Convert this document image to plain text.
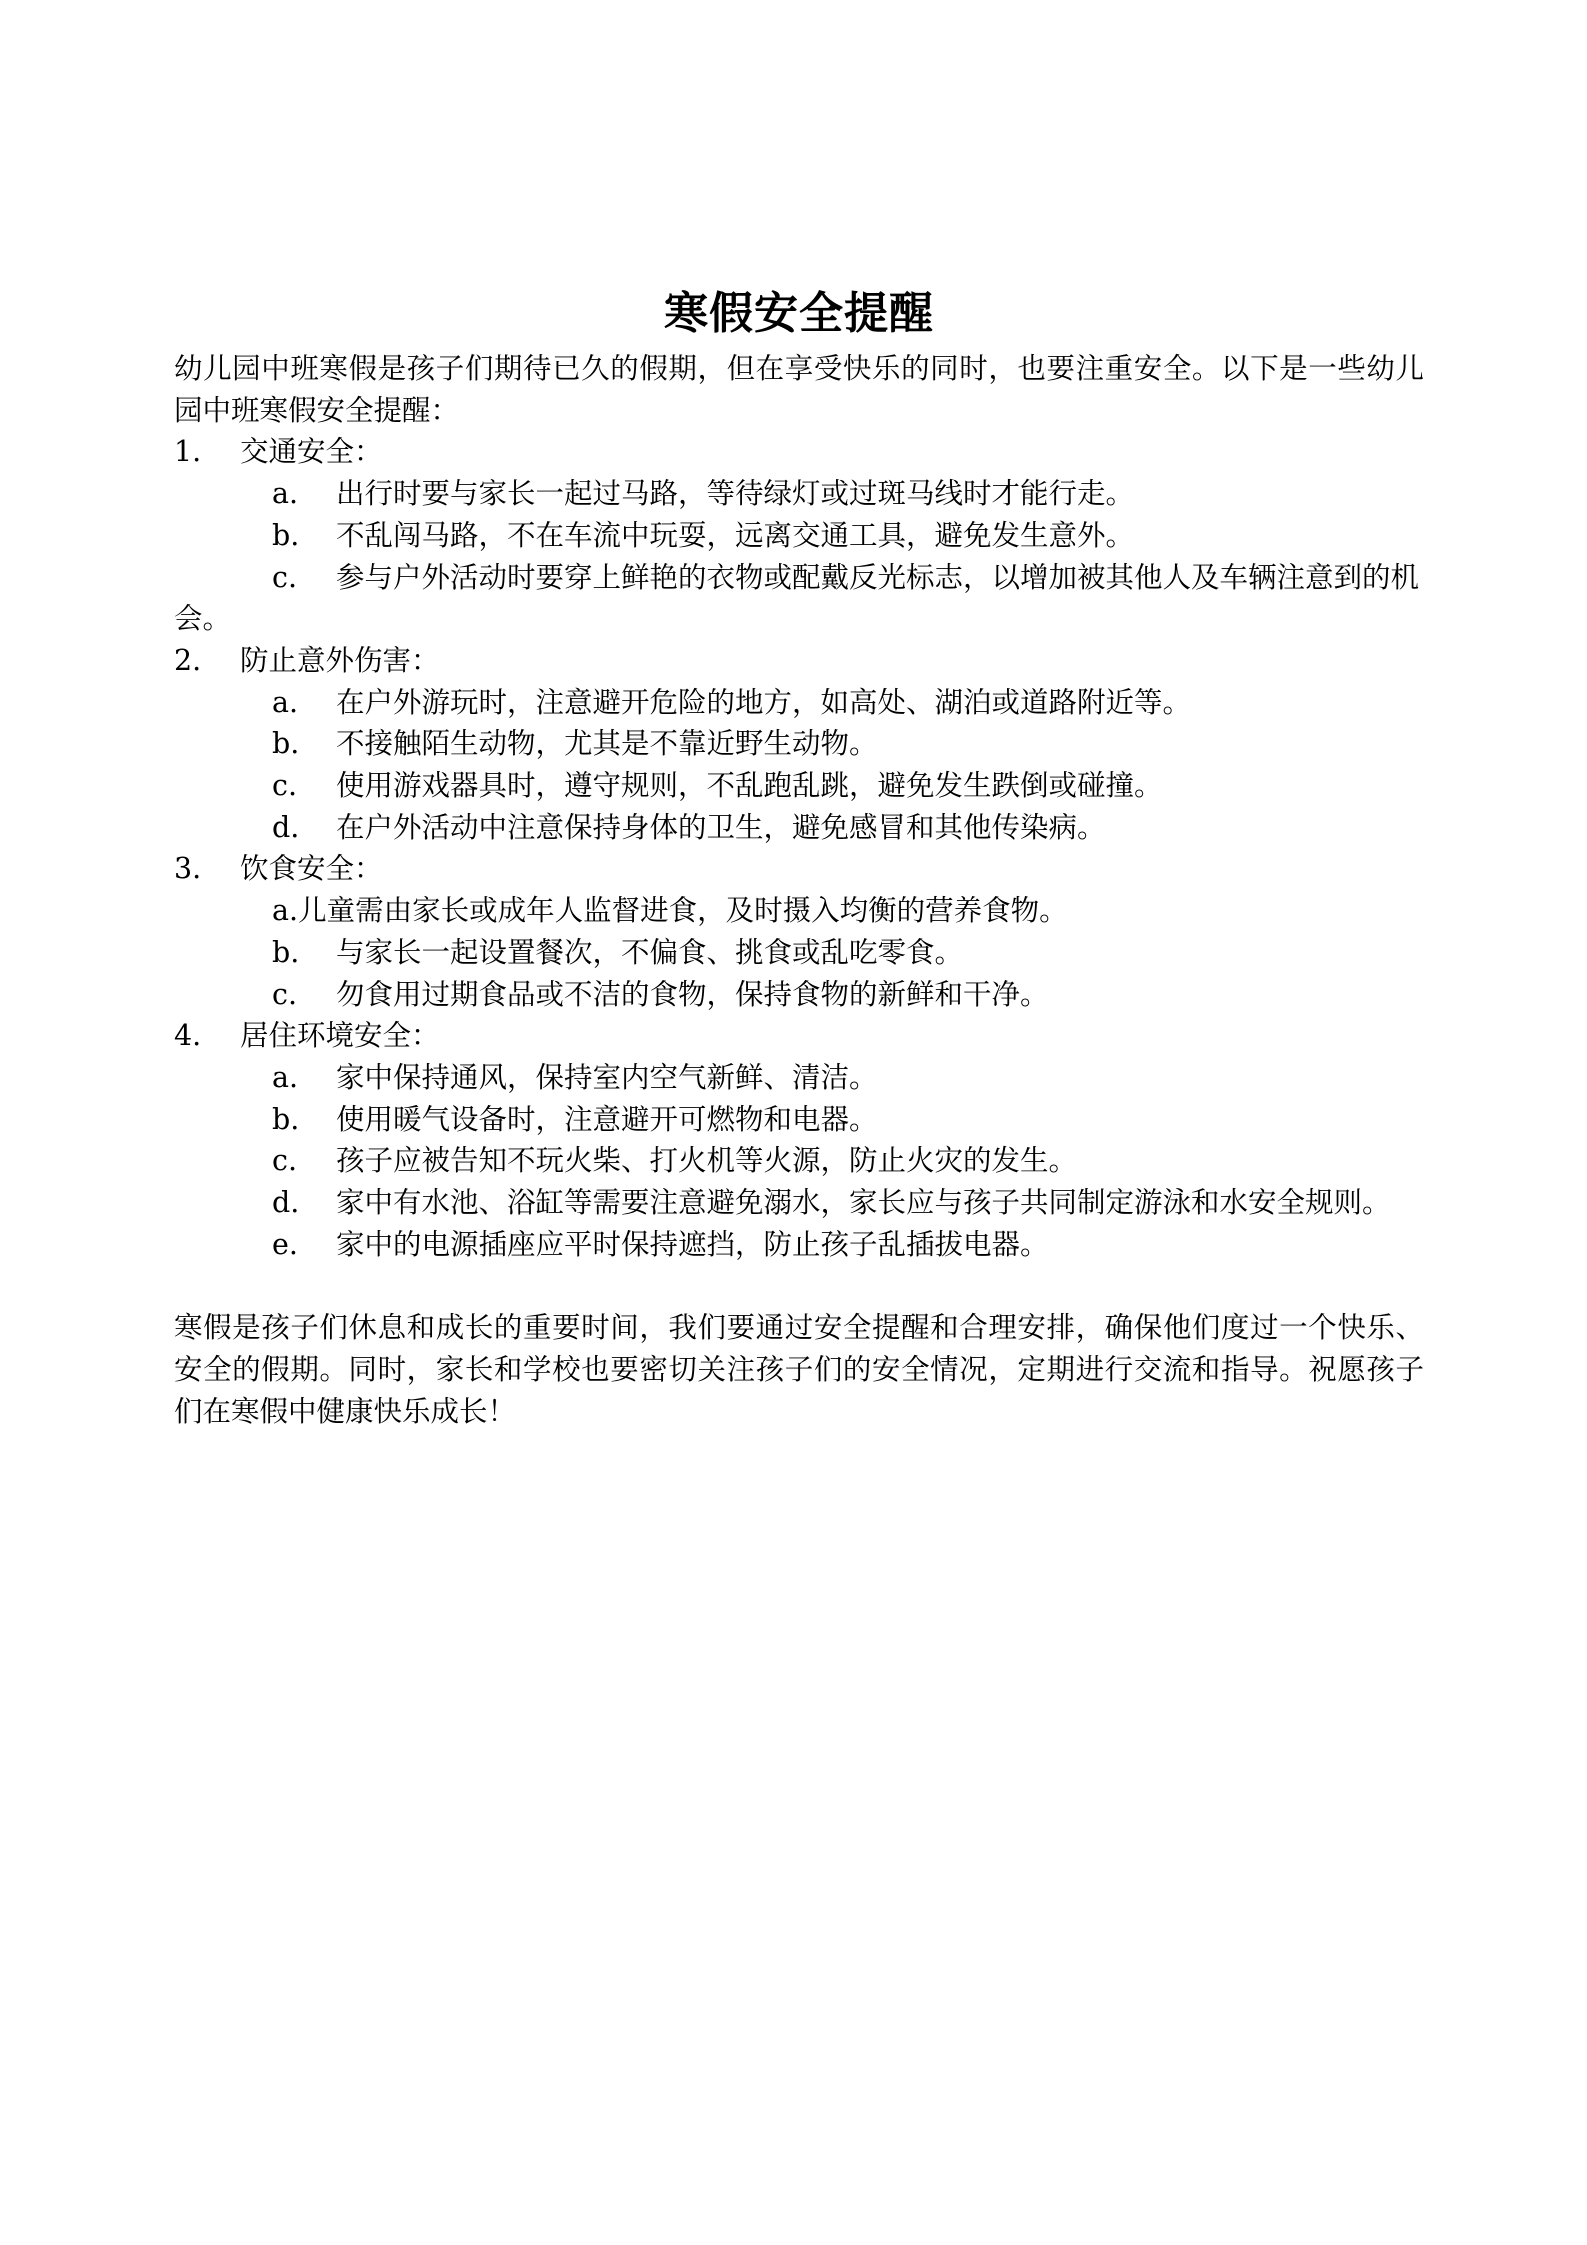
寒假安全提醒

幼儿园中班寒假是孩子们期待已久的假期，但在享受快乐的同时，也要注重安全。以下是一些幼儿园中班寒假安全提醒：

1. 交通安全：

a. 出行时要与家长一起过马路，等待绿灯或过斑马线时才能行走。

b. 不乱闯马路，不在车流中玩耍，远离交通工具，避免发生意外。

c. 参与户外活动时要穿上鲜艳的衣物或配戴反光标志，以增加被其他人及车辆注意到的机会。

2. 防止意外伤害：

a. 在户外游玩时，注意避开危险的地方，如高处、湖泊或道路附近等。

b. 不接触陌生动物，尤其是不靠近野生动物。

c. 使用游戏器具时，遵守规则，不乱跑乱跳，避免发生跌倒或碰撞。

d. 在户外活动中注意保持身体的卫生，避免感冒和其他传染病。

3. 饮食安全：

a.儿童需由家长或成年人监督进食，及时摄入均衡的营养食物。

b. 与家长一起设置餐次，不偏食、挑食或乱吃零食。

c. 勿食用过期食品或不洁的食物，保持食物的新鲜和干净。

4. 居住环境安全：

a. 家中保持通风，保持室内空气新鲜、清洁。

b. 使用暖气设备时，注意避开可燃物和电器。

c. 孩子应被告知不玩火柴、打火机等火源，防止火灾的发生。

d. 家中有水池、浴缸等需要注意避免溺水，家长应与孩子共同制定游泳和水安全规则。

e. 家中的电源插座应平时保持遮挡，防止孩子乱插拔电器。

寒假是孩子们休息和成长的重要时间，我们要通过安全提醒和合理安排，确保他们度过一个快乐、安全的假期。同时，家长和学校也要密切关注孩子们的安全情况，定期进行交流和指导。祝愿孩子们在寒假中健康快乐成长！
